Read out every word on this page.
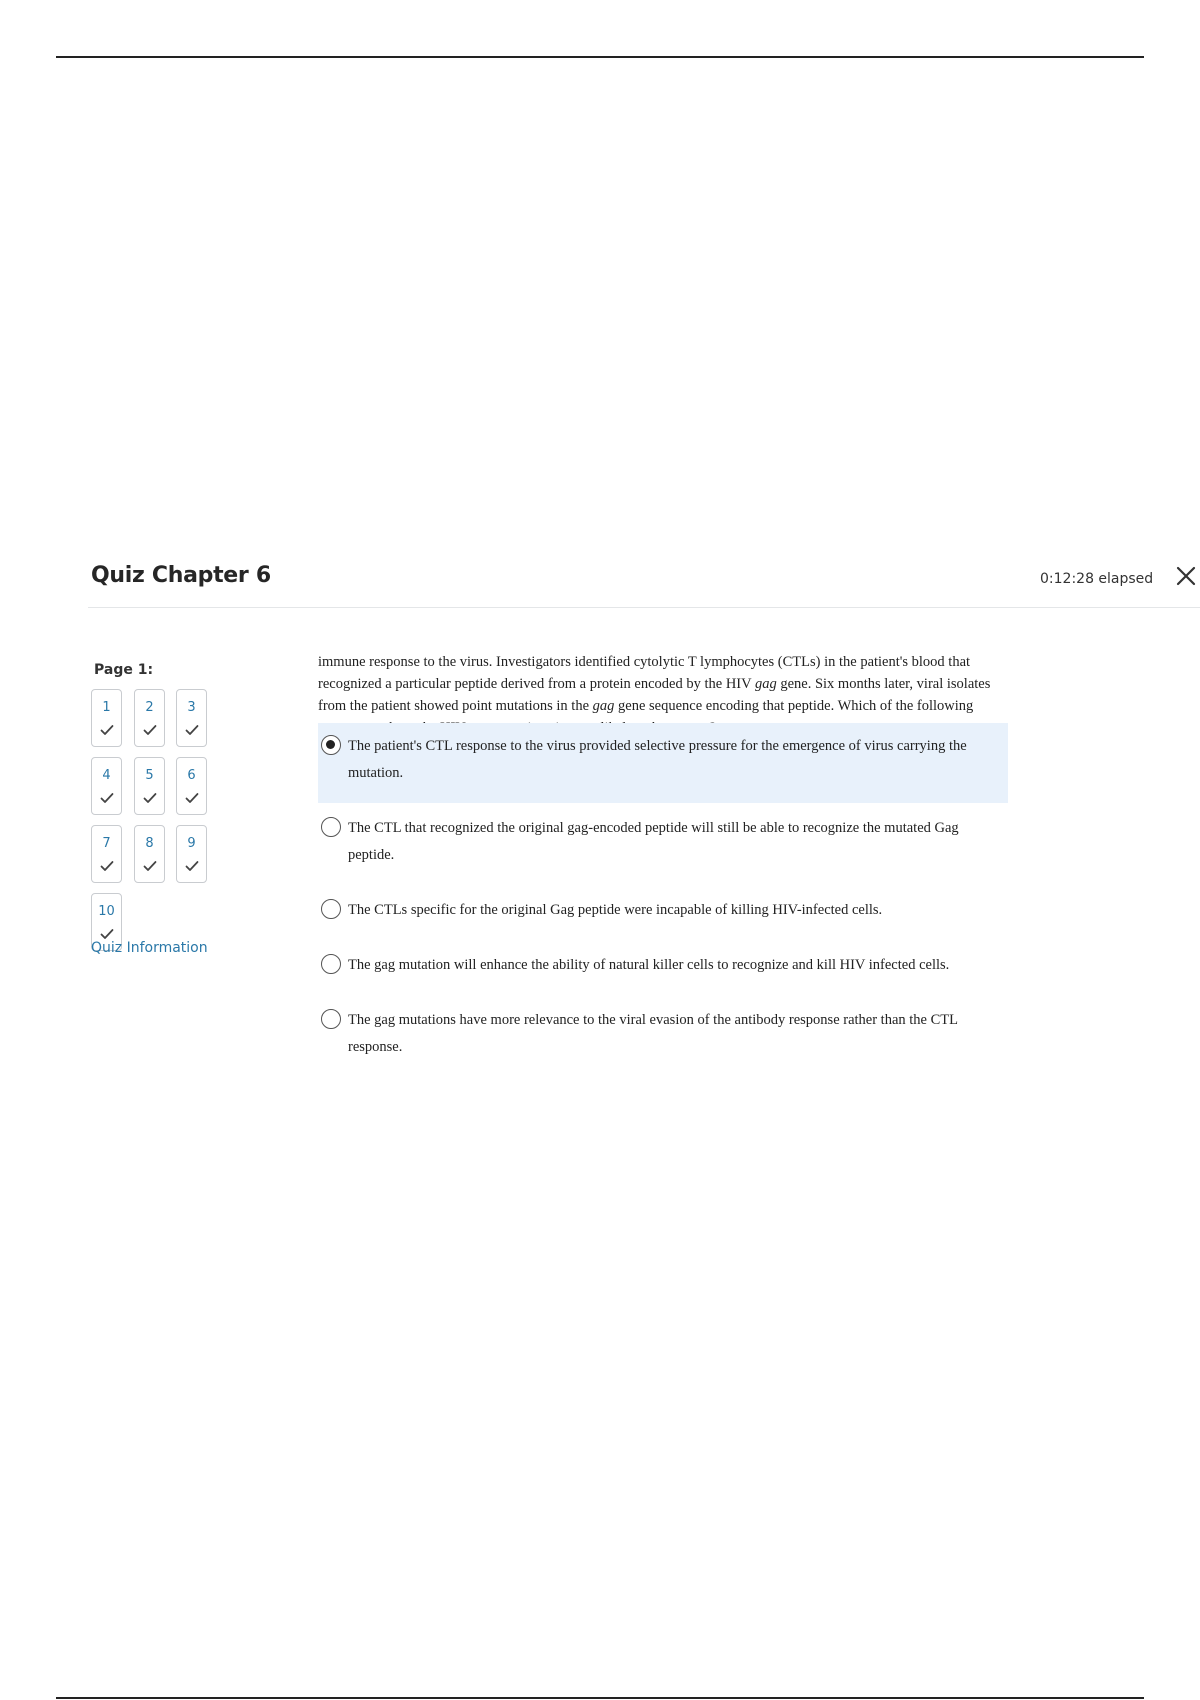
Quiz Chapter 6	0:12:28 elapsed
Page 1:
1	2	3
4	5	6
7	8	9
10
Quiz Information
immune response to the virus. Investigators identified cytolytic T lymphocytes (CTLs) in the patient's blood that recognized a particular peptide derived from a protein encoded by the HIV gag gene. Six months later, viral isolates from the patient showed point mutations in the gag gene sequence encoding that peptide. Which of the following
The patient's CTL response to the virus provided selective pressure for the emergence of virus carrying the mutation.
The CTL that recognized the original gag-encoded peptide will still be able to recognize the mutated Gag peptide.
The CTLs specific for the original Gag peptide were incapable of killing HIV-infected cells.
The gag mutation will enhance the ability of natural killer cells to recognize and kill HIV infected cells.
The gag mutations have more relevance to the viral evasion of the antibody response rather than the CTL response.
